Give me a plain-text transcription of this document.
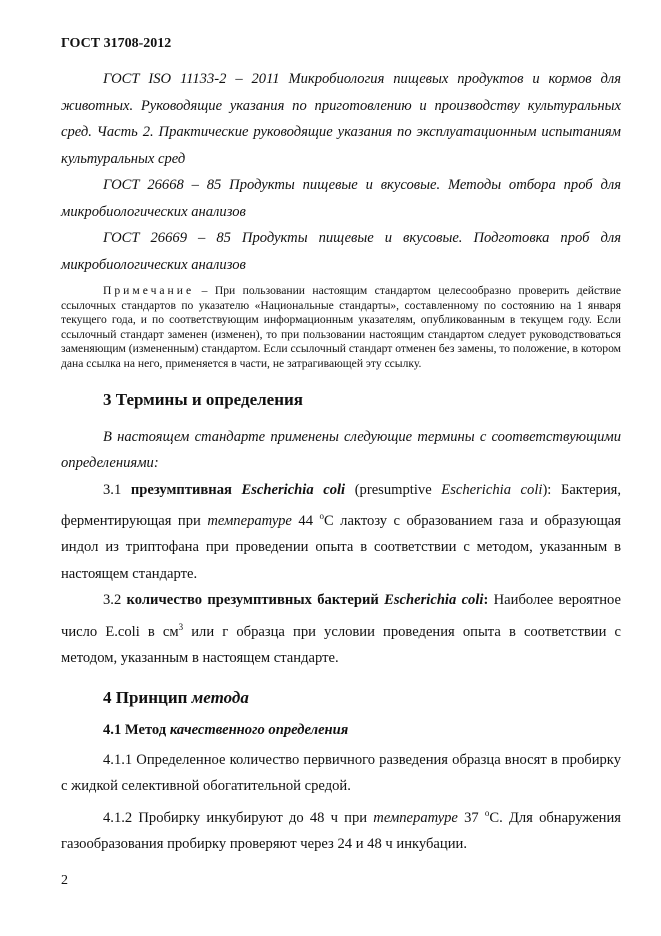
ГОСТ 31708-2012

ГОСТ ISO 11133-2 – 2011 Микробиология пищевых продуктов и кормов для животных. Руководящие указания по приготовлению и производству культуральных сред. Часть 2. Практические руководящие указания по эксплуатационным испытаниям культуральных сред

ГОСТ 26668 – 85 Продукты пищевые и вкусовые. Методы отбора проб для микробиологических анализов

ГОСТ 26669 – 85 Продукты пищевые и вкусовые. Подготовка проб для микробиологических анализов

Примечание – При пользовании настоящим стандартом целесообразно проверить действие ссылочных стандартов по указателю «Национальные стандарты», составленному по состоянию на 1 января текущего года, и по соответствующим информационным указателям, опубликованным в текущем году. Если ссылочный стандарт заменен (изменен), то при пользовании настоящим стандартом следует руководствоваться заменяющим (измененным) стандартом. Если ссылочный стандарт отменен без замены, то положение, в котором дана ссылка на него, применяется в части, не затрагивающей эту ссылку.

3 Термины и определения

В настоящем стандарте применены следующие термины с соответствующими определениями:

3.1 презумптивная Escherichia coli (presumptive Escherichia coli): Бактерия, ферментирующая при температуре 44 $^о$С лактозу с образованием газа и образующая индол из триптофана при проведении опыта в соответствии с методом, указанным в настоящем стандарте.

3.2 количество презумптивных бактерий Escherichia coli: Наиболее вероятное число E.coli в $см^3$ или г образца при условии проведения опыта в соответствии с методом, указанным в настоящем стандарте.

4 Принцип метода
4.1 Метод качественного определения

4.1.1 Определенное количество первичного разведения образца вносят в пробирку с жидкой селективной обогатительной средой.

4.1.2 Пробирку инкубируют до 48 ч при температуре 37 $^о$С. Для обнаружения газообразования пробирку проверяют через 24 и 48 ч инкубации.

2
